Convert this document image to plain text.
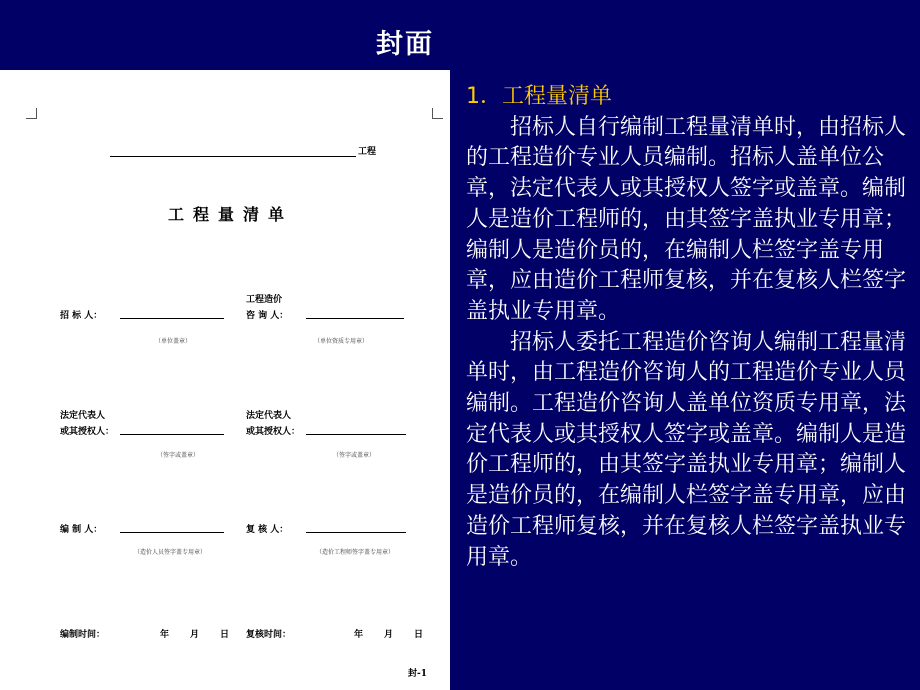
封面
工程
工程量清单
招 标 人：
（单位盖章）
工程造价
咨 询 人：
（单位资质专用章）
法定代表人
或其授权人：
（签字或盖章）
法定代表人
或其授权人：
（签字或盖章）
编 制 人：
（造价人员签字盖专用章）
复 核 人：
（造价工程师签字盖专用章）
编制时间：	年 月 日 复核时间：	年 月 日
封-1
1．工程量清单

招标人自行编制工程量清单时，由招标人的工程造价专业人员编制。招标人盖单位公章，法定代表人或其授权人签字或盖章。编制人是造价工程师的，由其签字盖执业专用章；编制人是造价员的，在编制人栏签字盖专用章，应由造价工程师复核，并在复核人栏签字盖执业专用章。

招标人委托工程造价咨询人编制工程量清单时，由工程造价咨询人的工程造价专业人员编制。工程造价咨询人盖单位资质专用章，法定代表人或其授权人签字或盖章。编制人是造价工程师的，由其签字盖执业专用章；编制人是造价员的，在编制人栏签字盖专用章，应由造价工程师复核，并在复核人栏签字盖执业专用章。
